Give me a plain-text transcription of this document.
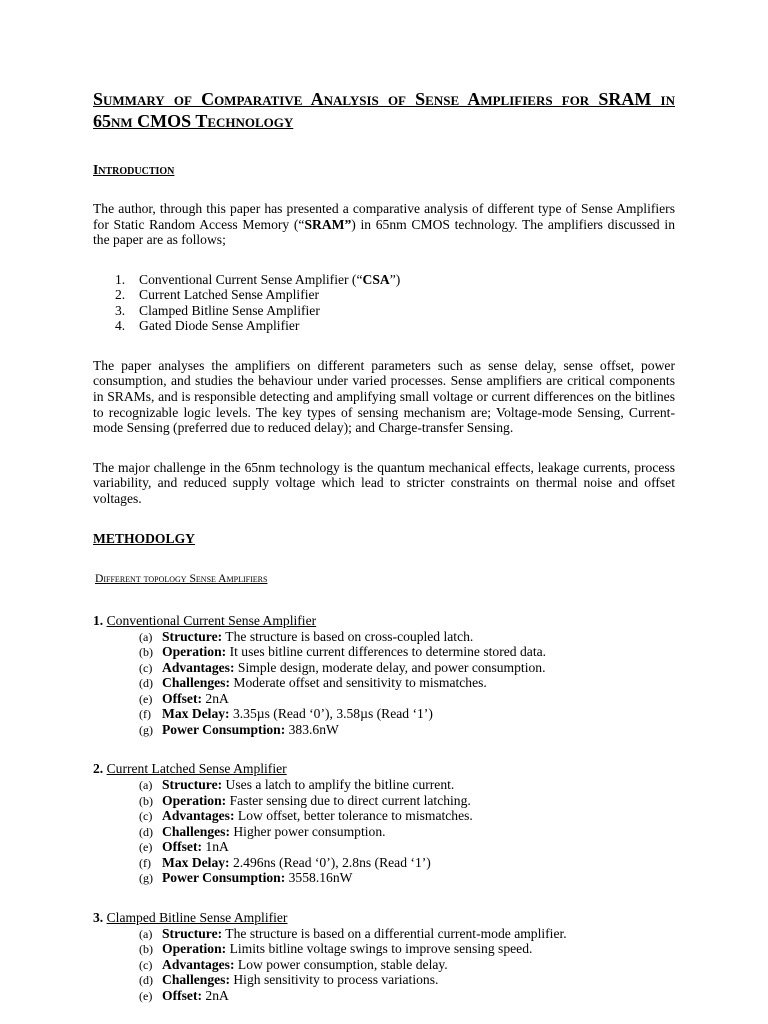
Summary of Comparative Analysis of Sense Amplifiers for SRAM in 65nm CMOS Technology
Introduction

The author, through this paper has presented a comparative analysis of different type of Sense Amplifiers for Static Random Access Memory (“SRAM”) in 65nm CMOS technology. The amplifiers discussed in the paper are as follows;

1. Conventional Current Sense Amplifier (“CSA”)
2. Current Latched Sense Amplifier
3. Clamped Bitline Sense Amplifier
4. Gated Diode Sense Amplifier

The paper analyses the amplifiers on different parameters such as sense delay, sense offset, power consumption, and studies the behaviour under varied processes. Sense amplifiers are critical components in SRAMs, and is responsible detecting and amplifying small voltage or current differences on the bitlines to recognizable logic levels. The key types of sensing mechanism are; Voltage-mode Sensing, Current-mode Sensing (preferred due to reduced delay); and Charge-transfer Sensing.

The major challenge in the 65nm technology is the quantum mechanical effects, leakage currents, process variability, and reduced supply voltage which lead to stricter constraints on thermal noise and offset voltages.

METHODOLGY
Different topology Sense Amplifiers
1. Conventional Current Sense Amplifier
(a) Structure: The structure is based on cross-coupled latch.
(b) Operation: It uses bitline current differences to determine stored data.
(c) Advantages: Simple design, moderate delay, and power consumption.
(d) Challenges: Moderate offset and sensitivity to mismatches.
(e) Offset: 2nA
(f) Max Delay: 3.35µs (Read ‘0’), 3.58µs (Read ‘1’)
(g) Power Consumption: 383.6nW
2. Current Latched Sense Amplifier
(a) Structure: Uses a latch to amplify the bitline current.
(b) Operation: Faster sensing due to direct current latching.
(c) Advantages: Low offset, better tolerance to mismatches.
(d) Challenges: Higher power consumption.
(e) Offset: 1nA
(f) Max Delay: 2.496ns (Read ‘0’), 2.8ns (Read ‘1’)
(g) Power Consumption: 3558.16nW
3. Clamped Bitline Sense Amplifier
(a) Structure: The structure is based on a differential current-mode amplifier.
(b) Operation: Limits bitline voltage swings to improve sensing speed.
(c) Advantages: Low power consumption, stable delay.
(d) Challenges: High sensitivity to process variations.
(e) Offset: 2nA
